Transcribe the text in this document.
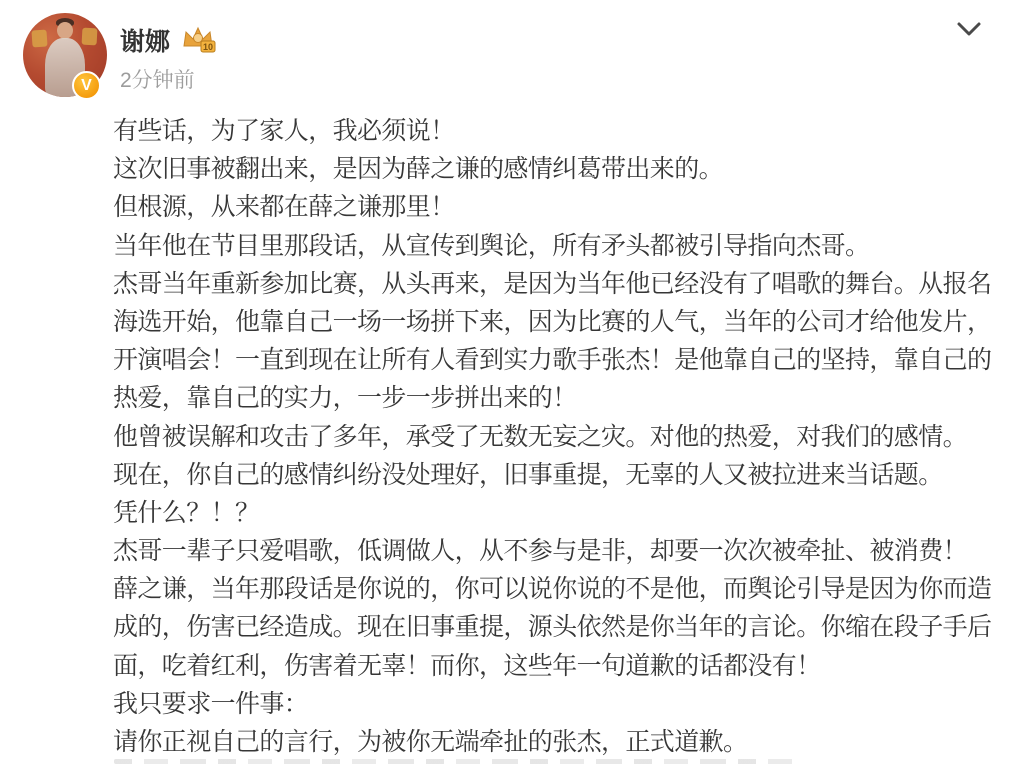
V
谢娜	10
2分钟前
有些话，为了家人，我必须说！
这次旧事被翻出来，是因为薛之谦的感情纠葛带出来的。
但根源，从来都在薛之谦那里！
当年他在节目里那段话，从宣传到舆论，所有矛头都被引导指向杰哥。
杰哥当年重新参加比赛，从头再来，是因为当年他已经没有了唱歌的舞台。从报名
海选开始，他靠自己一场一场拼下来，因为比赛的人气，当年的公司才给他发片，
开演唱会！一直到现在让所有人看到实力歌手张杰！是他靠自己的坚持，靠自己的
热爱，靠自己的实力，一步一步拼出来的！
他曾被误解和攻击了多年，承受了无数无妄之灾。对他的热爱，对我们的感情。
现在，你自己的感情纠纷没处理好，旧事重提，无辜的人又被拉进来当话题。
凭什么？！？
杰哥一辈子只爱唱歌，低调做人，从不参与是非，却要一次次被牵扯、被消费！
薛之谦，当年那段话是你说的，你可以说你说的不是他，而舆论引导是因为你而造
成的，伤害已经造成。现在旧事重提，源头依然是你当年的言论。你缩在段子手后
面，吃着红利，伤害着无辜！而你，这些年一句道歉的话都没有！
我只要求一件事：
请你正视自己的言行，为被你无端牵扯的张杰，正式道歉。
